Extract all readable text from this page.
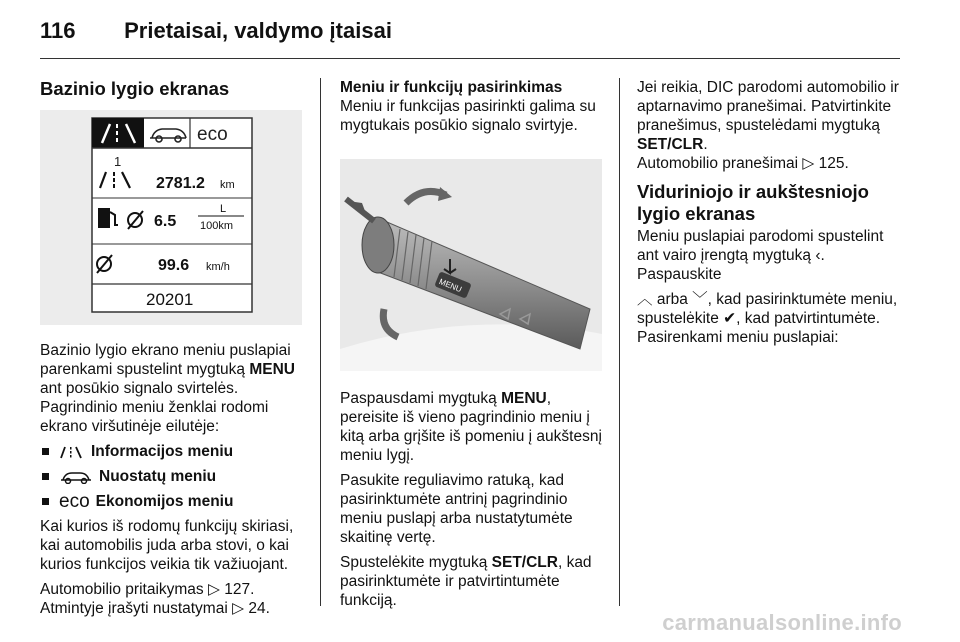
116 Prietaisai, valdymo įtaisai
Bazinio lygio ekranas
eco
1
2781.2 km
6.5
L
100km
99.6 km/h
20201

Bazinio lygio ekrano meniu puslapiai parenkami spustelint mygtuką MENU ant posūkio signalo svirtelės. Pagrindinio meniu ženklai rodomi ekrano viršutinėje eilutėje:

Informacijos meniu
Nuostatų meniu
eco Ekonomijos meniu

Kai kurios iš rodomų funkcijų skiriasi, kai automobilis juda arba stovi, o kai kurios funkcijos veikia tik važiuojant.

Automobilio pritaikymas ▷ 127.
Atmintyje įrašyti nustatymai ▷ 24.

Meniu ir funkcijų pasirinkimas

Meniu ir funkcijas pasirinkti galima su mygtukais posūkio signalo svirtyje.

MENU

Paspausdami mygtuką MENU, pereisite iš vieno pagrindinio meniu į kitą arba grįšite iš pomeniu į aukštesnį meniu lygį.

Pasukite reguliavimo ratuką, kad pasirinktumėte antrinį pagrindinio meniu puslapį arba nustatytumėte skaitinę vertę.

Spustelėkite mygtuką SET/CLR, kad pasirinktumėte ir patvirtintumėte funkciją.

Jei reikia, DIC parodomi automobilio ir aptarnavimo pranešimai. Patvirtinkite pranešimus, spustelėdami mygtuką SET/CLR.
Automobilio pranešimai ▷ 125.

Viduriniojo ir aukštesniojo lygio ekranas

Meniu puslapiai parodomi spustelint ant vairo įrengtą mygtuką ‹.

Paspauskite

︿ arba ﹀, kad pasirinktumėte meniu, spustelėkite ✔, kad patvirtintumėte. Pasirenkami meniu puslapiai:

carmanualsonline.info
